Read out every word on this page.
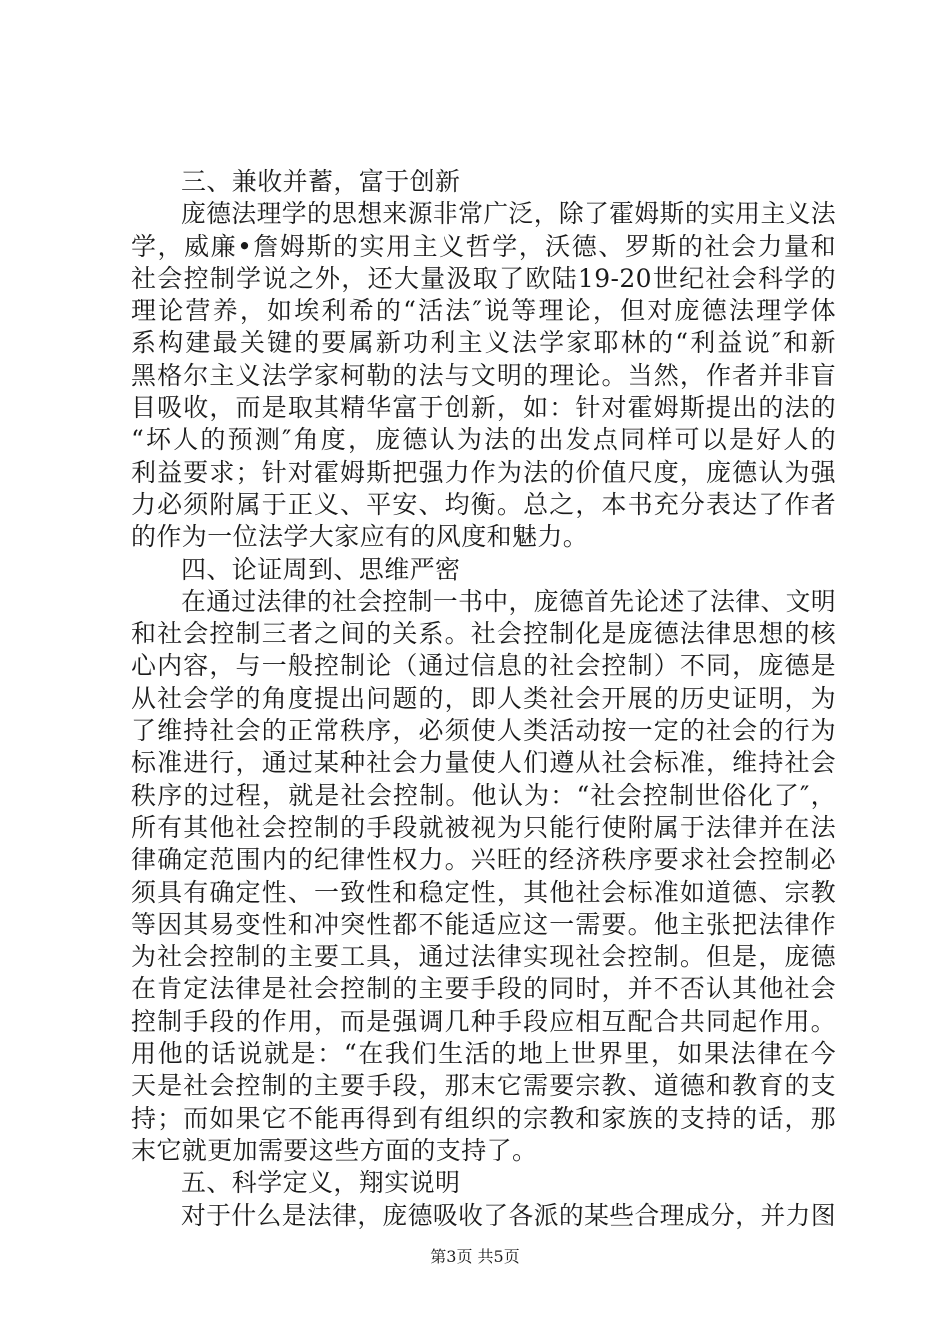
三、兼收并蓄，富于创新
庞德法理学的思想来源非常广泛，除了霍姆斯的实用主义法
学，威廉•詹姆斯的实用主义哲学，沃德、罗斯的社会力量和
社会控制学说之外，还大量汲取了欧陆19-20世纪社会科学的
理论营养，如埃利希的“活法″说等理论，但对庞德法理学体
系构建最关键的要属新功利主义法学家耶林的“利益说″和新
黑格尔主义法学家柯勒的法与文明的理论。当然，作者并非盲
目吸收，而是取其精华富于创新，如：针对霍姆斯提出的法的
“坏人的预测″角度，庞德认为法的出发点同样可以是好人的
利益要求；针对霍姆斯把强力作为法的价值尺度，庞德认为强
力必须附属于正义、平安、均衡。总之，本书充分表达了作者
的作为一位法学大家应有的风度和魅力。
四、论证周到、思维严密
在通过法律的社会控制一书中，庞德首先论述了法律、文明
和社会控制三者之间的关系。社会控制化是庞德法律思想的核
心内容，与一般控制论（通过信息的社会控制）不同，庞德是
从社会学的角度提出问题的，即人类社会开展的历史证明，为
了维持社会的正常秩序，必须使人类活动按一定的社会的行为
标准进行，通过某种社会力量使人们遵从社会标准，维持社会
秩序的过程，就是社会控制。他认为：“社会控制世俗化了″，
所有其他社会控制的手段就被视为只能行使附属于法律并在法
律确定范围内的纪律性权力。兴旺的经济秩序要求社会控制必
须具有确定性、一致性和稳定性，其他社会标准如道德、宗教
等因其易变性和冲突性都不能适应这一需要。他主张把法律作
为社会控制的主要工具，通过法律实现社会控制。但是，庞德
在肯定法律是社会控制的主要手段的同时，并不否认其他社会
控制手段的作用，而是强调几种手段应相互配合共同起作用。
用他的话说就是：“在我们生活的地上世界里，如果法律在今
天是社会控制的主要手段，那末它需要宗教、道德和教育的支
持；而如果它不能再得到有组织的宗教和家族的支持的话，那
末它就更加需要这些方面的支持了。
五、科学定义，翔实说明
对于什么是法律，庞德吸收了各派的某些合理成分，并力图
第3页 共5页
